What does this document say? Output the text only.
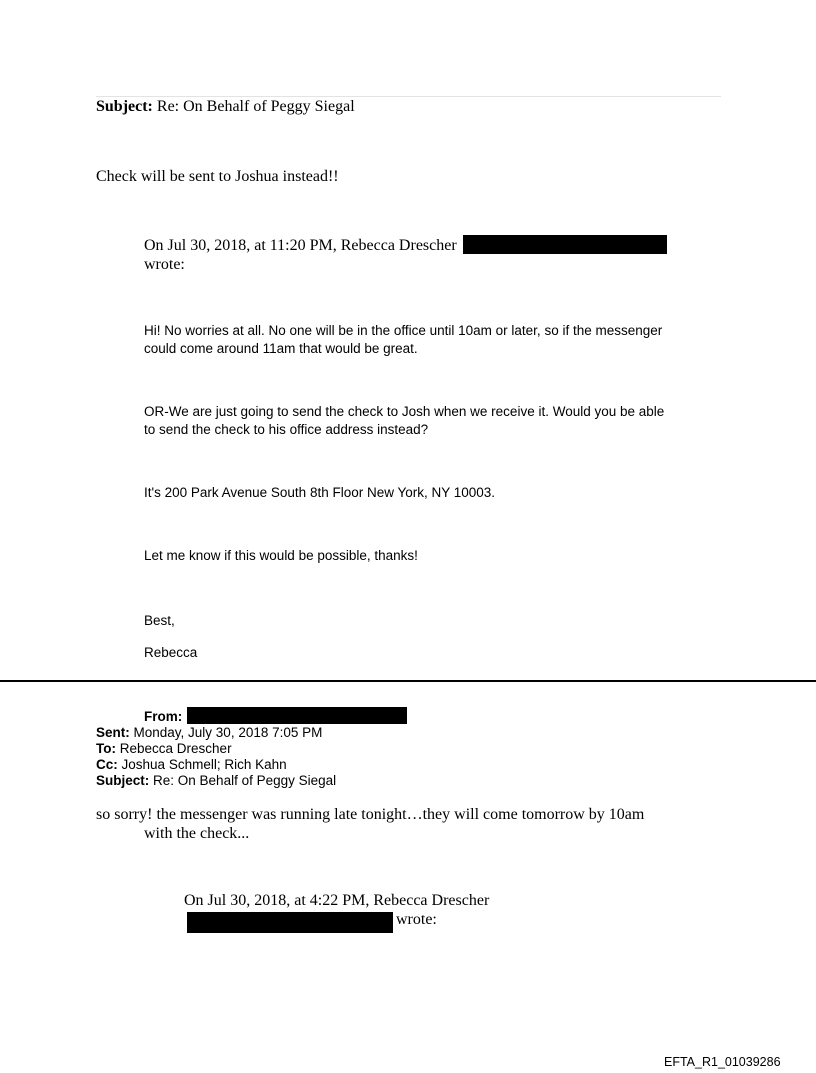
Subject: Re: On Behalf of Peggy Siegal
Check will be sent to Joshua instead!!
On Jul 30, 2018, at 11:20 PM, Rebecca Drescher
wrote:
Hi! No worries at all. No one will be in the office until 10am or later, so if the messenger
could come around 11am that would be great.
OR-We are just going to send the check to Josh when we receive it. Would you be able
to send the check to his office address instead?
It's 200 Park Avenue South 8th Floor New York, NY 10003.
Let me know if this would be possible, thanks!
Best,
Rebecca
From:
Sent: Monday, July 30, 2018 7:05 PM
To: Rebecca Drescher
Cc: Joshua Schmell; Rich Kahn
Subject: Re: On Behalf of Peggy Siegal
so sorry! the messenger was running late tonight…they will come tomorrow by 10am
with the check...
On Jul 30, 2018, at 4:22 PM, Rebecca Drescher
wrote:
EFTA_R1_01039286
